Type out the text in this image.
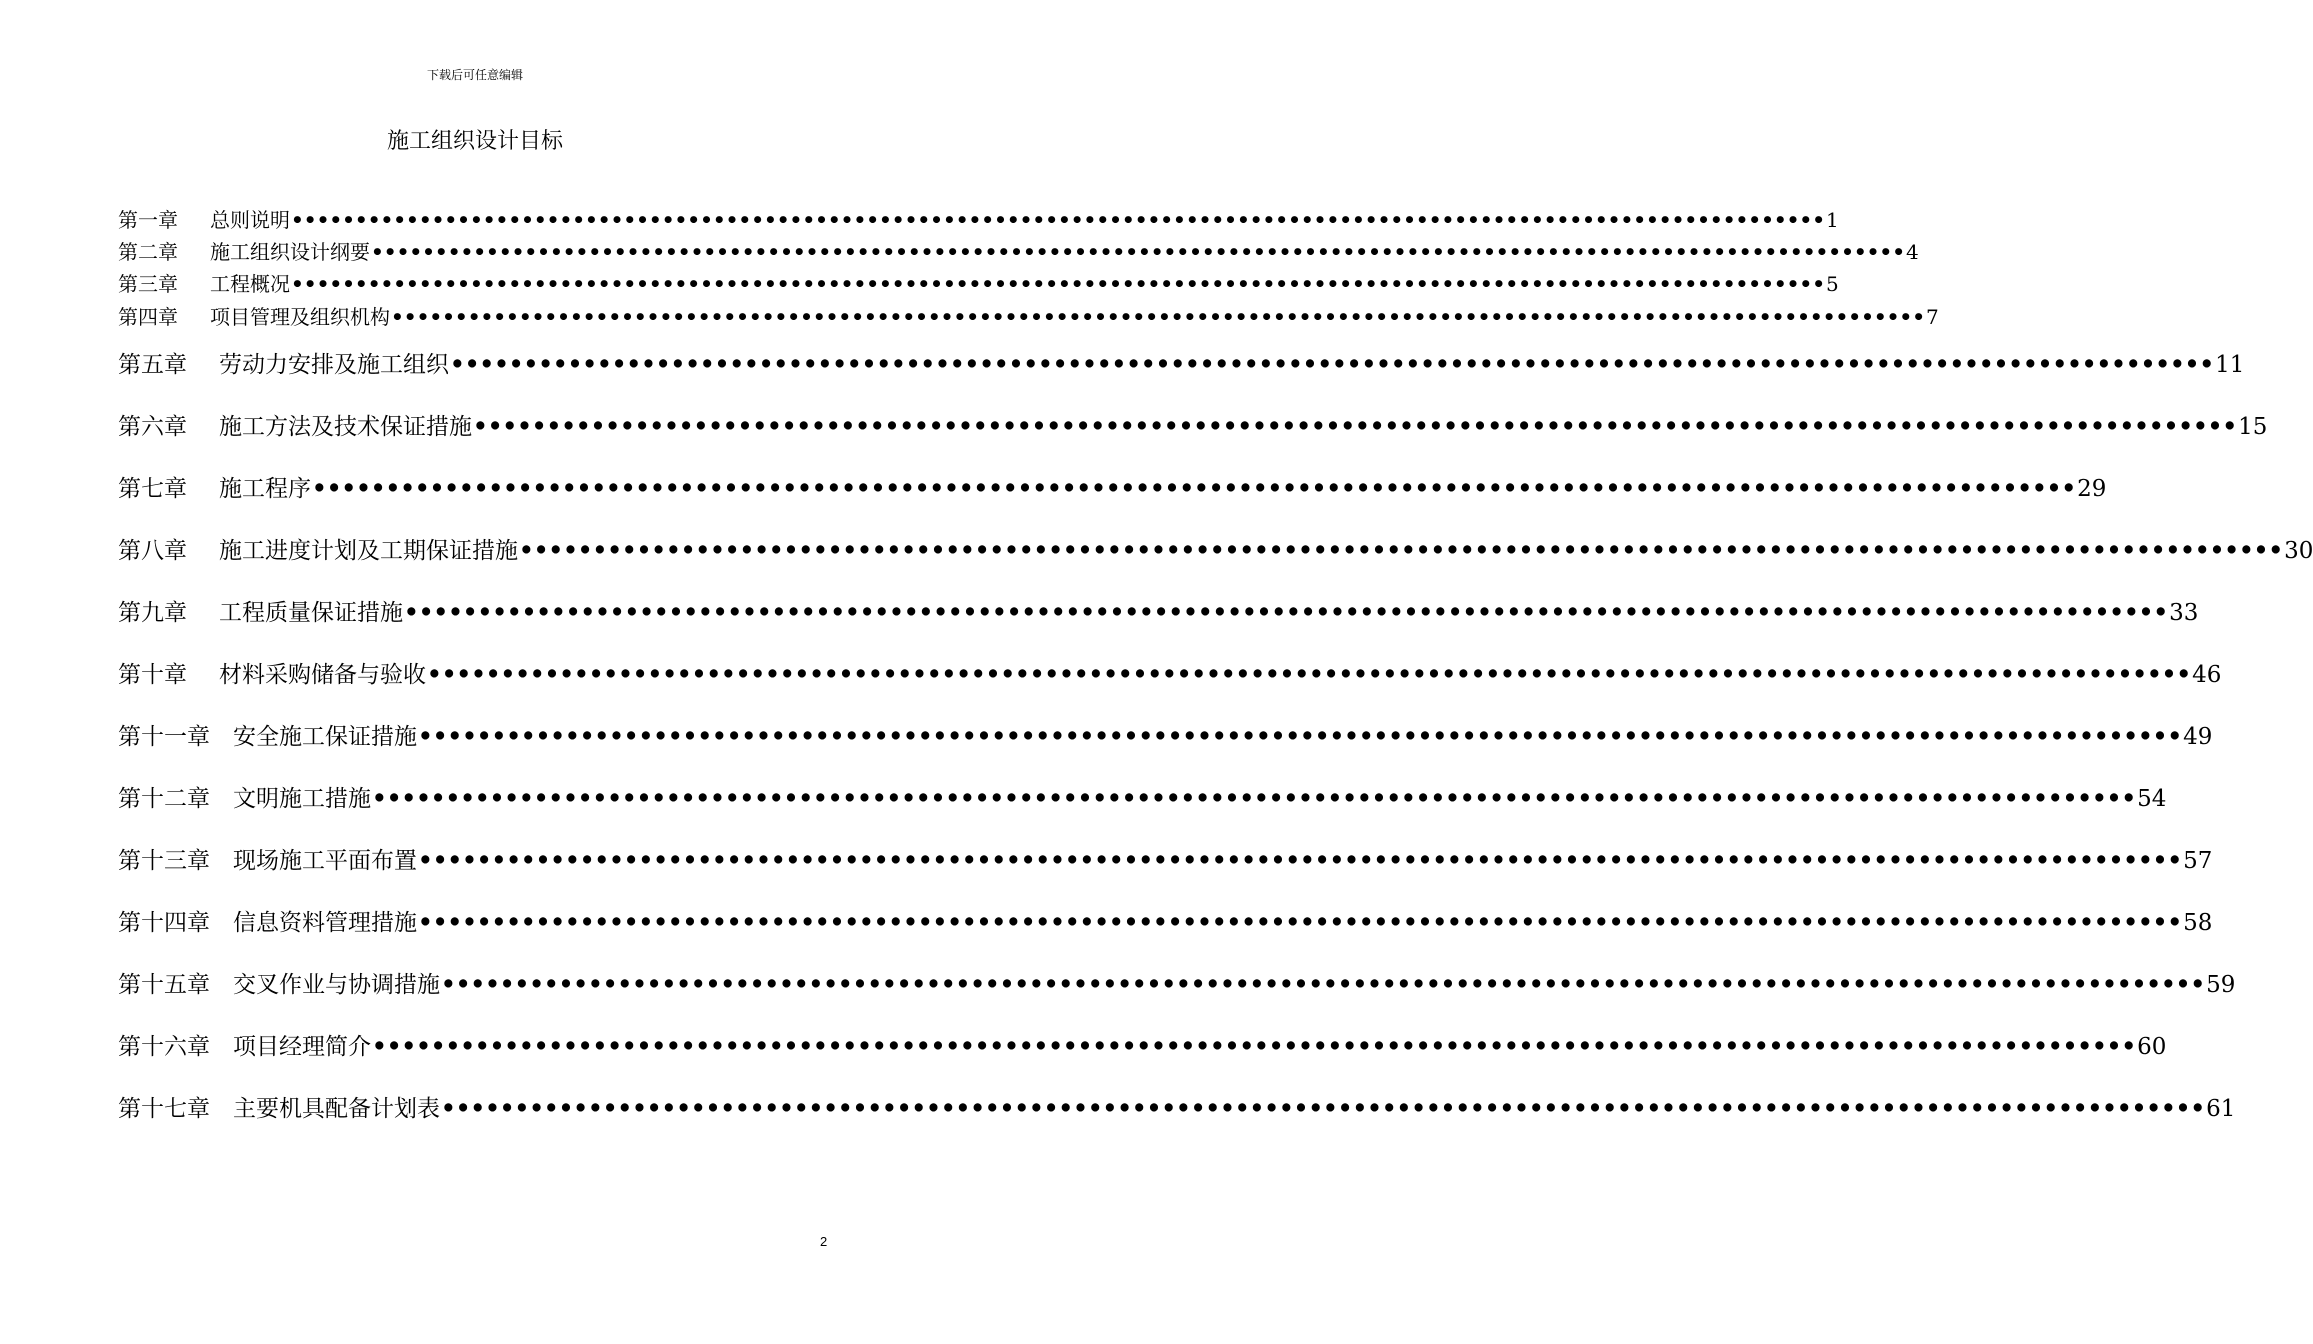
下载后可任意编辑
施工组织设计目标
第一章	总则说明 •••••••••••••••••••••••••••••••••••••••••••••••••••••••••••••••••••••••••••••••••••••••••••••••••••••••••••••••••••••••• 1
第二章	施工组织设计纲要 •••••••••••••••••••••••••••••••••••••••••••••••••••••••••••••••••••••••••••••••••••••••••••••••••••••••••••••••••••••••• 4
第三章	工程概况 •••••••••••••••••••••••••••••••••••••••••••••••••••••••••••••••••••••••••••••••••••••••••••••••••••••••••••••••••••••••• 5
第四章	项目管理及组织机构 •••••••••••••••••••••••••••••••••••••••••••••••••••••••••••••••••••••••••••••••••••••••••••••••••••••••••••••••••••••••• 7
第五章	劳动力安排及施工组织 •••••••••••••••••••••••••••••••••••••••••••••••••••••••••••••••••••••••••••••••••••••••••••••••••••••••••••••••••••••••• 11
第六章	施工方法及技术保证措施 •••••••••••••••••••••••••••••••••••••••••••••••••••••••••••••••••••••••••••••••••••••••••••••••••••••••••••••••••••••••• 15
第七章	施工程序 •••••••••••••••••••••••••••••••••••••••••••••••••••••••••••••••••••••••••••••••••••••••••••••••••••••••••••••••••••••••• 29
第八章	施工进度计划及工期保证措施 •••••••••••••••••••••••••••••••••••••••••••••••••••••••••••••••••••••••••••••••••••••••••••••••••••••••••••••••••••••••• 30
第九章	工程质量保证措施 •••••••••••••••••••••••••••••••••••••••••••••••••••••••••••••••••••••••••••••••••••••••••••••••••••••••••••••••••••••••• 33
第十章	材料采购储备与验收 •••••••••••••••••••••••••••••••••••••••••••••••••••••••••••••••••••••••••••••••••••••••••••••••••••••••••••••••••••••••• 46
第十一章	安全施工保证措施 •••••••••••••••••••••••••••••••••••••••••••••••••••••••••••••••••••••••••••••••••••••••••••••••••••••••••••••••••••••••• 49
第十二章	文明施工措施 •••••••••••••••••••••••••••••••••••••••••••••••••••••••••••••••••••••••••••••••••••••••••••••••••••••••••••••••••••••••• 54
第十三章	现场施工平面布置 •••••••••••••••••••••••••••••••••••••••••••••••••••••••••••••••••••••••••••••••••••••••••••••••••••••••••••••••••••••••• 57
第十四章	信息资料管理措施 •••••••••••••••••••••••••••••••••••••••••••••••••••••••••••••••••••••••••••••••••••••••••••••••••••••••••••••••••••••••• 58
第十五章	交叉作业与协调措施 •••••••••••••••••••••••••••••••••••••••••••••••••••••••••••••••••••••••••••••••••••••••••••••••••••••••••••••••••••••••• 59
第十六章	项目经理简介 •••••••••••••••••••••••••••••••••••••••••••••••••••••••••••••••••••••••••••••••••••••••••••••••••••••••••••••••••••••••• 60
第十七章	主要机具配备计划表 •••••••••••••••••••••••••••••••••••••••••••••••••••••••••••••••••••••••••••••••••••••••••••••••••••••••••••••••••••••••• 61
2
